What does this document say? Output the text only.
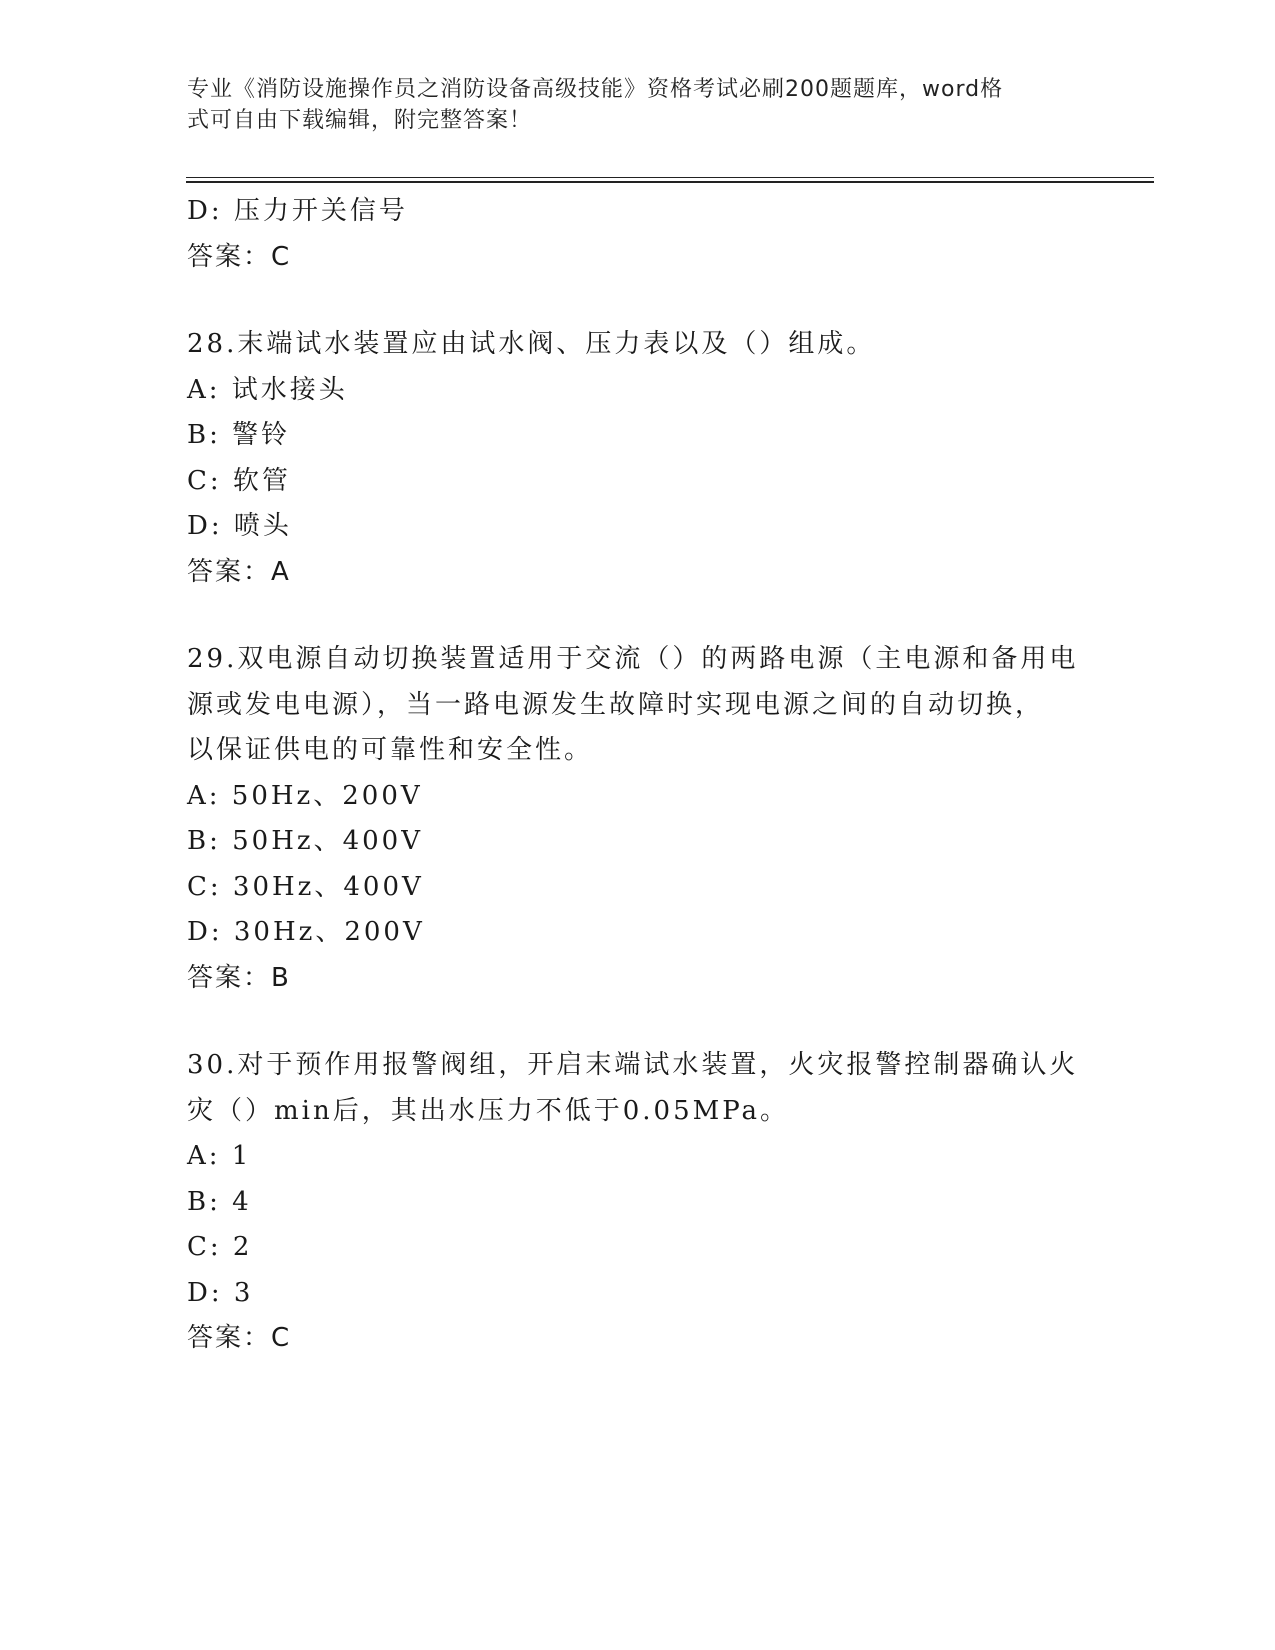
专业《消防设施操作员之消防设备高级技能》资格考试必刷200题题库，word格
式可自由下载编辑，附完整答案！
D: 压力开关信号
答案：C
28.末端试水装置应由试水阀、压力表以及（）组成。
A: 试水接头
B: 警铃
C: 软管
D: 喷头
答案：A
29.双电源自动切换装置适用于交流（）的两路电源（主电源和备用电
源或发电电源），当一路电源发生故障时实现电源之间的自动切换，
以保证供电的可靠性和安全性。
A: 50Hz、200V
B: 50Hz、400V
C: 30Hz、400V
D: 30Hz、200V
答案：B
30.对于预作用报警阀组，开启末端试水装置，火灾报警控制器确认火
灾（）min后，其出水压力不低于0.05MPa。
A: 1
B: 4
C: 2
D: 3
答案：C
